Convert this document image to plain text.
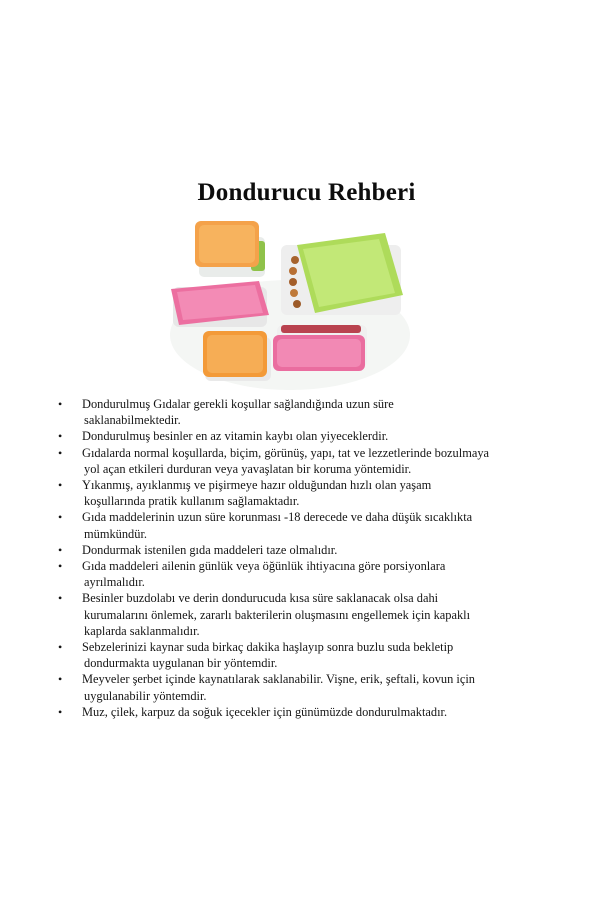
Dondurucu Rehberi
•	Dondurulmuş Gıdalar gerekli koşullar sağlandığında uzun süre
saklanabilmektedir.
•	Dondurulmuş besinler en az vitamin kaybı olan yiyeceklerdir.
•	Gıdalarda normal koşullarda, biçim, görünüş, yapı, tat ve lezzetlerinde bozulmaya
yol açan etkileri durduran veya yavaşlatan bir koruma yöntemidir.
•	Yıkanmış, ayıklanmış ve pişirmeye hazır olduğundan hızlı olan yaşam
koşullarında pratik kullanım sağlamaktadır.
•	Gıda maddelerinin uzun süre korunması -18 derecede ve daha düşük sıcaklıkta
mümkündür.
•	Dondurmak istenilen gıda maddeleri taze olmalıdır.
•	Gıda maddeleri ailenin günlük veya öğünlük ihtiyacına göre porsiyonlara
ayrılmalıdır.
•	Besinler buzdolabı ve derin dondurucuda kısa süre saklanacak olsa dahi
kurumalarını önlemek, zararlı bakterilerin oluşmasını engellemek için kapaklı
kaplarda saklanmalıdır.
•	Sebzelerinizi kaynar suda birkaç dakika haşlayıp sonra buzlu suda bekletip
dondurmakta uygulanan bir yöntemdir.
•	Meyveler şerbet içinde kaynatılarak saklanabilir. Vişne, erik, şeftali, kovun için
uygulanabilir yöntemdir.
•	Muz, çilek, karpuz da soğuk içecekler için günümüzde dondurulmaktadır.
